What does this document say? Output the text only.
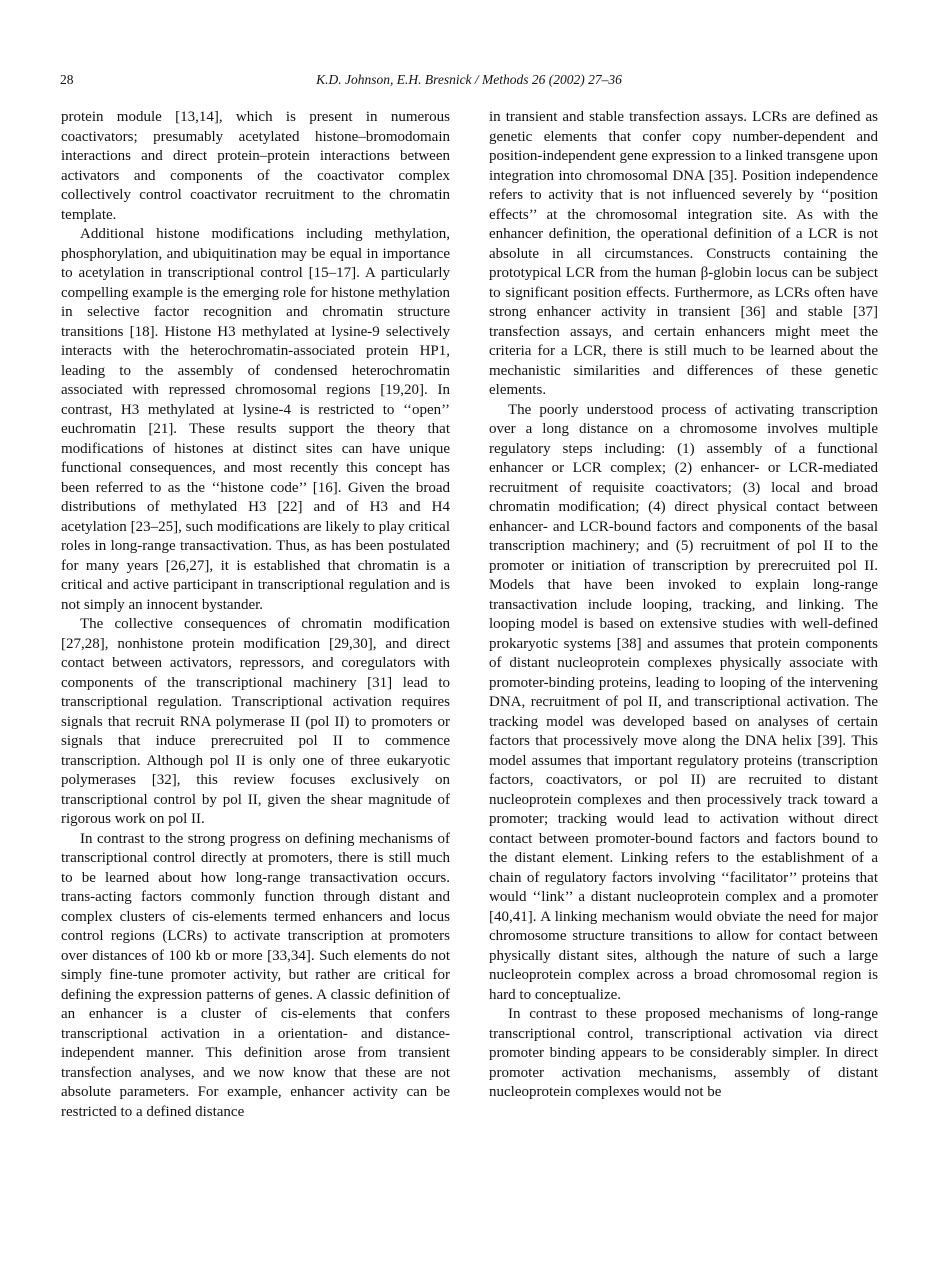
28	K.D. Johnson, E.H. Bresnick / Methods 26 (2002) 27–36

protein module [13,14], which is present in numerous coactivators; presumably acetylated histone–bromodomain interactions and direct protein–protein interactions between activators and components of the coactivator complex collectively control coactivator recruitment to the chromatin template.

Additional histone modifications including methylation, phosphorylation, and ubiquitination may be equal in importance to acetylation in transcriptional control [15–17]. A particularly compelling example is the emerging role for histone methylation in selective factor recognition and chromatin structure transitions [18]. Histone H3 methylated at lysine-9 selectively interacts with the heterochromatin-associated protein HP1, leading to the assembly of condensed heterochromatin associated with repressed chromosomal regions [19,20]. In contrast, H3 methylated at lysine-4 is restricted to ‘‘open’’ euchromatin [21]. These results support the theory that modifications of histones at distinct sites can have unique functional consequences, and most recently this concept has been referred to as the ‘‘histone code’’ [16]. Given the broad distributions of methylated H3 [22] and of H3 and H4 acetylation [23–25], such modifications are likely to play critical roles in long-range transactivation. Thus, as has been postulated for many years [26,27], it is established that chromatin is a critical and active participant in transcriptional regulation and is not simply an innocent bystander.

The collective consequences of chromatin modification [27,28], nonhistone protein modification [29,30], and direct contact between activators, repressors, and coregulators with components of the transcriptional machinery [31] lead to transcriptional regulation. Transcriptional activation requires signals that recruit RNA polymerase II (pol II) to promoters or signals that induce prerecruited pol II to commence transcription. Although pol II is only one of three eukaryotic polymerases [32], this review focuses exclusively on transcriptional control by pol II, given the shear magnitude of rigorous work on pol II.

In contrast to the strong progress on defining mechanisms of transcriptional control directly at promoters, there is still much to be learned about how long-range transactivation occurs. trans-acting factors commonly function through distant and complex clusters of cis-elements termed enhancers and locus control regions (LCRs) to activate transcription at promoters over distances of 100 kb or more [33,34]. Such elements do not simply fine-tune promoter activity, but rather are critical for defining the expression patterns of genes. A classic definition of an enhancer is a cluster of cis-elements that confers transcriptional activation in a orientation- and distance-independent manner. This definition arose from transient transfection analyses, and we now know that these are not absolute parameters. For example, enhancer activity can be restricted to a defined distance

in transient and stable transfection assays. LCRs are defined as genetic elements that confer copy number-dependent and position-independent gene expression to a linked transgene upon integration into chromosomal DNA [35]. Position independence refers to activity that is not influenced severely by ‘‘position effects’’ at the chromosomal integration site. As with the enhancer definition, the operational definition of a LCR is not absolute in all circumstances. Constructs containing the prototypical LCR from the human β-globin locus can be subject to significant position effects. Furthermore, as LCRs often have strong enhancer activity in transient [36] and stable [37] transfection assays, and certain enhancers might meet the criteria for a LCR, there is still much to be learned about the mechanistic similarities and differences of these genetic elements.

The poorly understood process of activating transcription over a long distance on a chromosome involves multiple regulatory steps including: (1) assembly of a functional enhancer or LCR complex; (2) enhancer- or LCR-mediated recruitment of requisite coactivators; (3) local and broad chromatin modification; (4) direct physical contact between enhancer- and LCR-bound factors and components of the basal transcription machinery; and (5) recruitment of pol II to the promoter or initiation of transcription by prerecruited pol II. Models that have been invoked to explain long-range transactivation include looping, tracking, and linking. The looping model is based on extensive studies with well-defined prokaryotic systems [38] and assumes that protein components of distant nucleoprotein complexes physically associate with promoter-binding proteins, leading to looping of the intervening DNA, recruitment of pol II, and transcriptional activation. The tracking model was developed based on analyses of certain factors that processively move along the DNA helix [39]. This model assumes that important regulatory proteins (transcription factors, coactivators, or pol II) are recruited to distant nucleoprotein complexes and then processively track toward a promoter; tracking would lead to activation without direct contact between promoter-bound factors and factors bound to the distant element. Linking refers to the establishment of a chain of regulatory factors involving ‘‘facilitator’’ proteins that would ‘‘link’’ a distant nucleoprotein complex and a promoter [40,41]. A linking mechanism would obviate the need for major chromosome structure transitions to allow for contact between physically distant sites, although the nature of such a large nucleoprotein complex across a broad chromosomal region is hard to conceptualize.

In contrast to these proposed mechanisms of long-range transcriptional control, transcriptional activation via direct promoter binding appears to be considerably simpler. In direct promoter activation mechanisms, assembly of distant nucleoprotein complexes would not be
